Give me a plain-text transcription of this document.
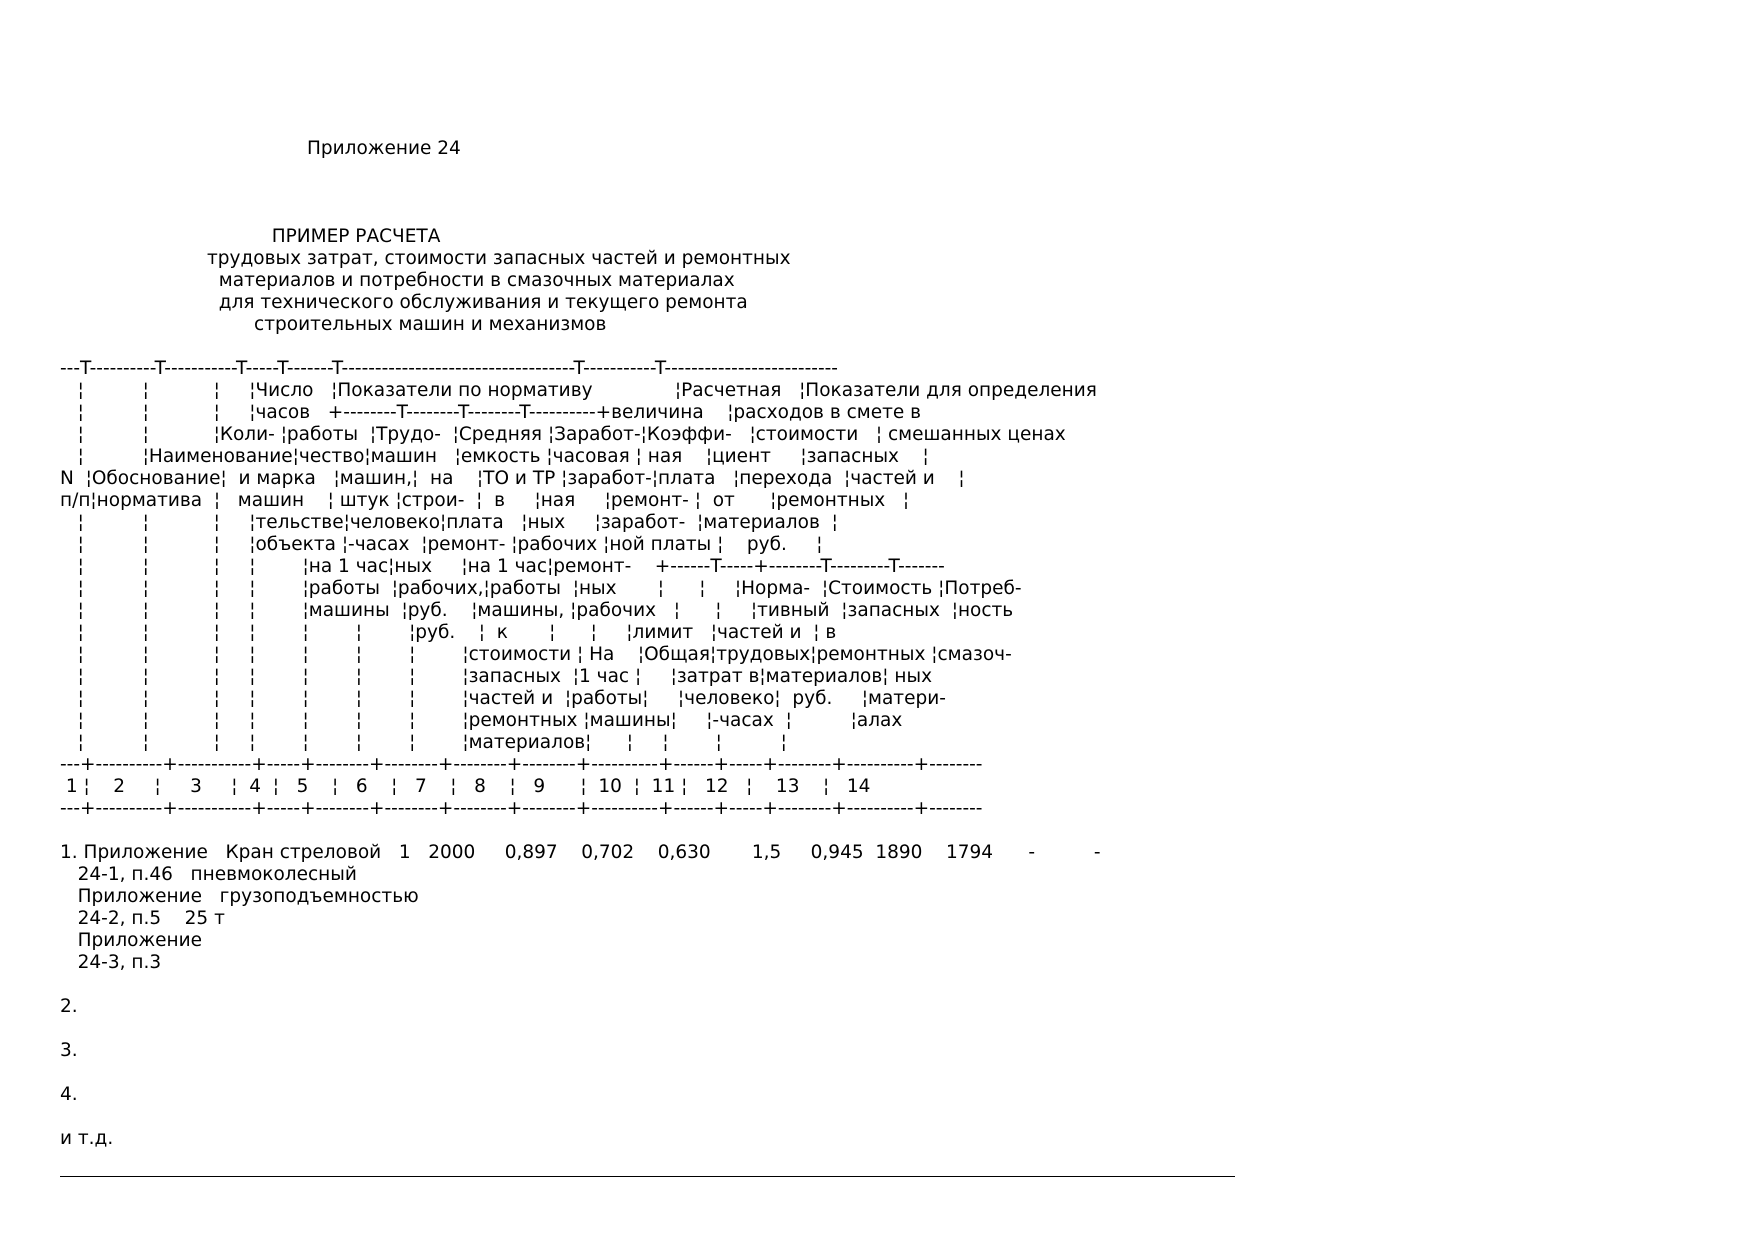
Приложение 24

ПРИМЕР РАСЧЕТА
трудовых затрат, стоимости запасных частей и ремонтных
материалов и потребности в смазочных материалах
для технического обслуживания и текущего ремонта
строительных машин и механизмов

---T----------T-----------T-----T-------T-----------------------------------T-----------T--------------------------
¦          ¦           ¦     ¦Число   ¦Показатели по нормативу              ¦Расчетная   ¦Показатели для определения
¦          ¦           ¦     ¦часов   +--------T--------T--------T----------+величина    ¦расходов в смете в
¦          ¦           ¦Коли- ¦работы  ¦Трудо-  ¦Средняя ¦Заработ-¦Коэффи-   ¦стоимости   ¦ смешанных ценах
¦          ¦Наименование¦чество¦машин   ¦емкость ¦часовая ¦ ная    ¦циент     ¦запасных    ¦
N  ¦Обоснование¦  и марка   ¦машин,¦  на    ¦ТО и ТР ¦заработ-¦плата   ¦перехода  ¦частей и    ¦
п/п¦норматива  ¦   машин    ¦ штук ¦строи-  ¦  в     ¦ная     ¦ремонт- ¦  от      ¦ремонтных   ¦
¦          ¦           ¦     ¦тельстве¦человеко¦плата   ¦ных     ¦заработ-  ¦материалов  ¦
¦          ¦           ¦     ¦объекта ¦-часах  ¦ремонт- ¦рабочих ¦ной платы ¦    руб.     ¦
¦          ¦           ¦     ¦        ¦на 1 час¦ных     ¦на 1 час¦ремонт-    +------T-----+--------T---------T-------
¦          ¦           ¦     ¦        ¦работы  ¦рабочих,¦работы  ¦ных       ¦      ¦     ¦Норма-  ¦Стоимость ¦Потреб-
¦          ¦           ¦     ¦        ¦машины  ¦руб.    ¦машины, ¦рабочих   ¦      ¦     ¦тивный  ¦запасных  ¦ность
¦          ¦           ¦     ¦        ¦        ¦        ¦руб.    ¦  к       ¦      ¦     ¦лимит   ¦частей и  ¦ в
¦          ¦           ¦     ¦        ¦        ¦        ¦        ¦стоимости ¦ На    ¦Общая¦трудовых¦ремонтных ¦смазоч-
¦          ¦           ¦     ¦        ¦        ¦        ¦        ¦запасных  ¦1 час ¦     ¦затрат в¦материалов¦ ных
¦          ¦           ¦     ¦        ¦        ¦        ¦        ¦частей и  ¦работы¦     ¦человеко¦  руб.     ¦матери-
¦          ¦           ¦     ¦        ¦        ¦        ¦        ¦ремонтных ¦машины¦     ¦-часах  ¦          ¦алах
¦          ¦           ¦     ¦        ¦        ¦        ¦        ¦материалов¦      ¦     ¦        ¦          ¦
---+----------+-----------+-----+--------+--------+--------+--------+----------+------+-----+--------+----------+--------
1 ¦    2     ¦     3     ¦  4  ¦   5    ¦   6    ¦   7    ¦   8    ¦   9      ¦  10  ¦  11 ¦   12   ¦    13    ¦   14
---+----------+-----------+-----+--------+--------+--------+--------+----------+------+-----+--------+----------+--------

1. Приложение   Кран стреловой   1   2000     0,897    0,702    0,630       1,5     0,945  1890    1794      -          -
24-1, п.46   пневмоколесный
Приложение   грузоподъемностью
24-2, п.5    25 т
Приложение
24-3, п.3

2.

3.

4.

и т.д.
